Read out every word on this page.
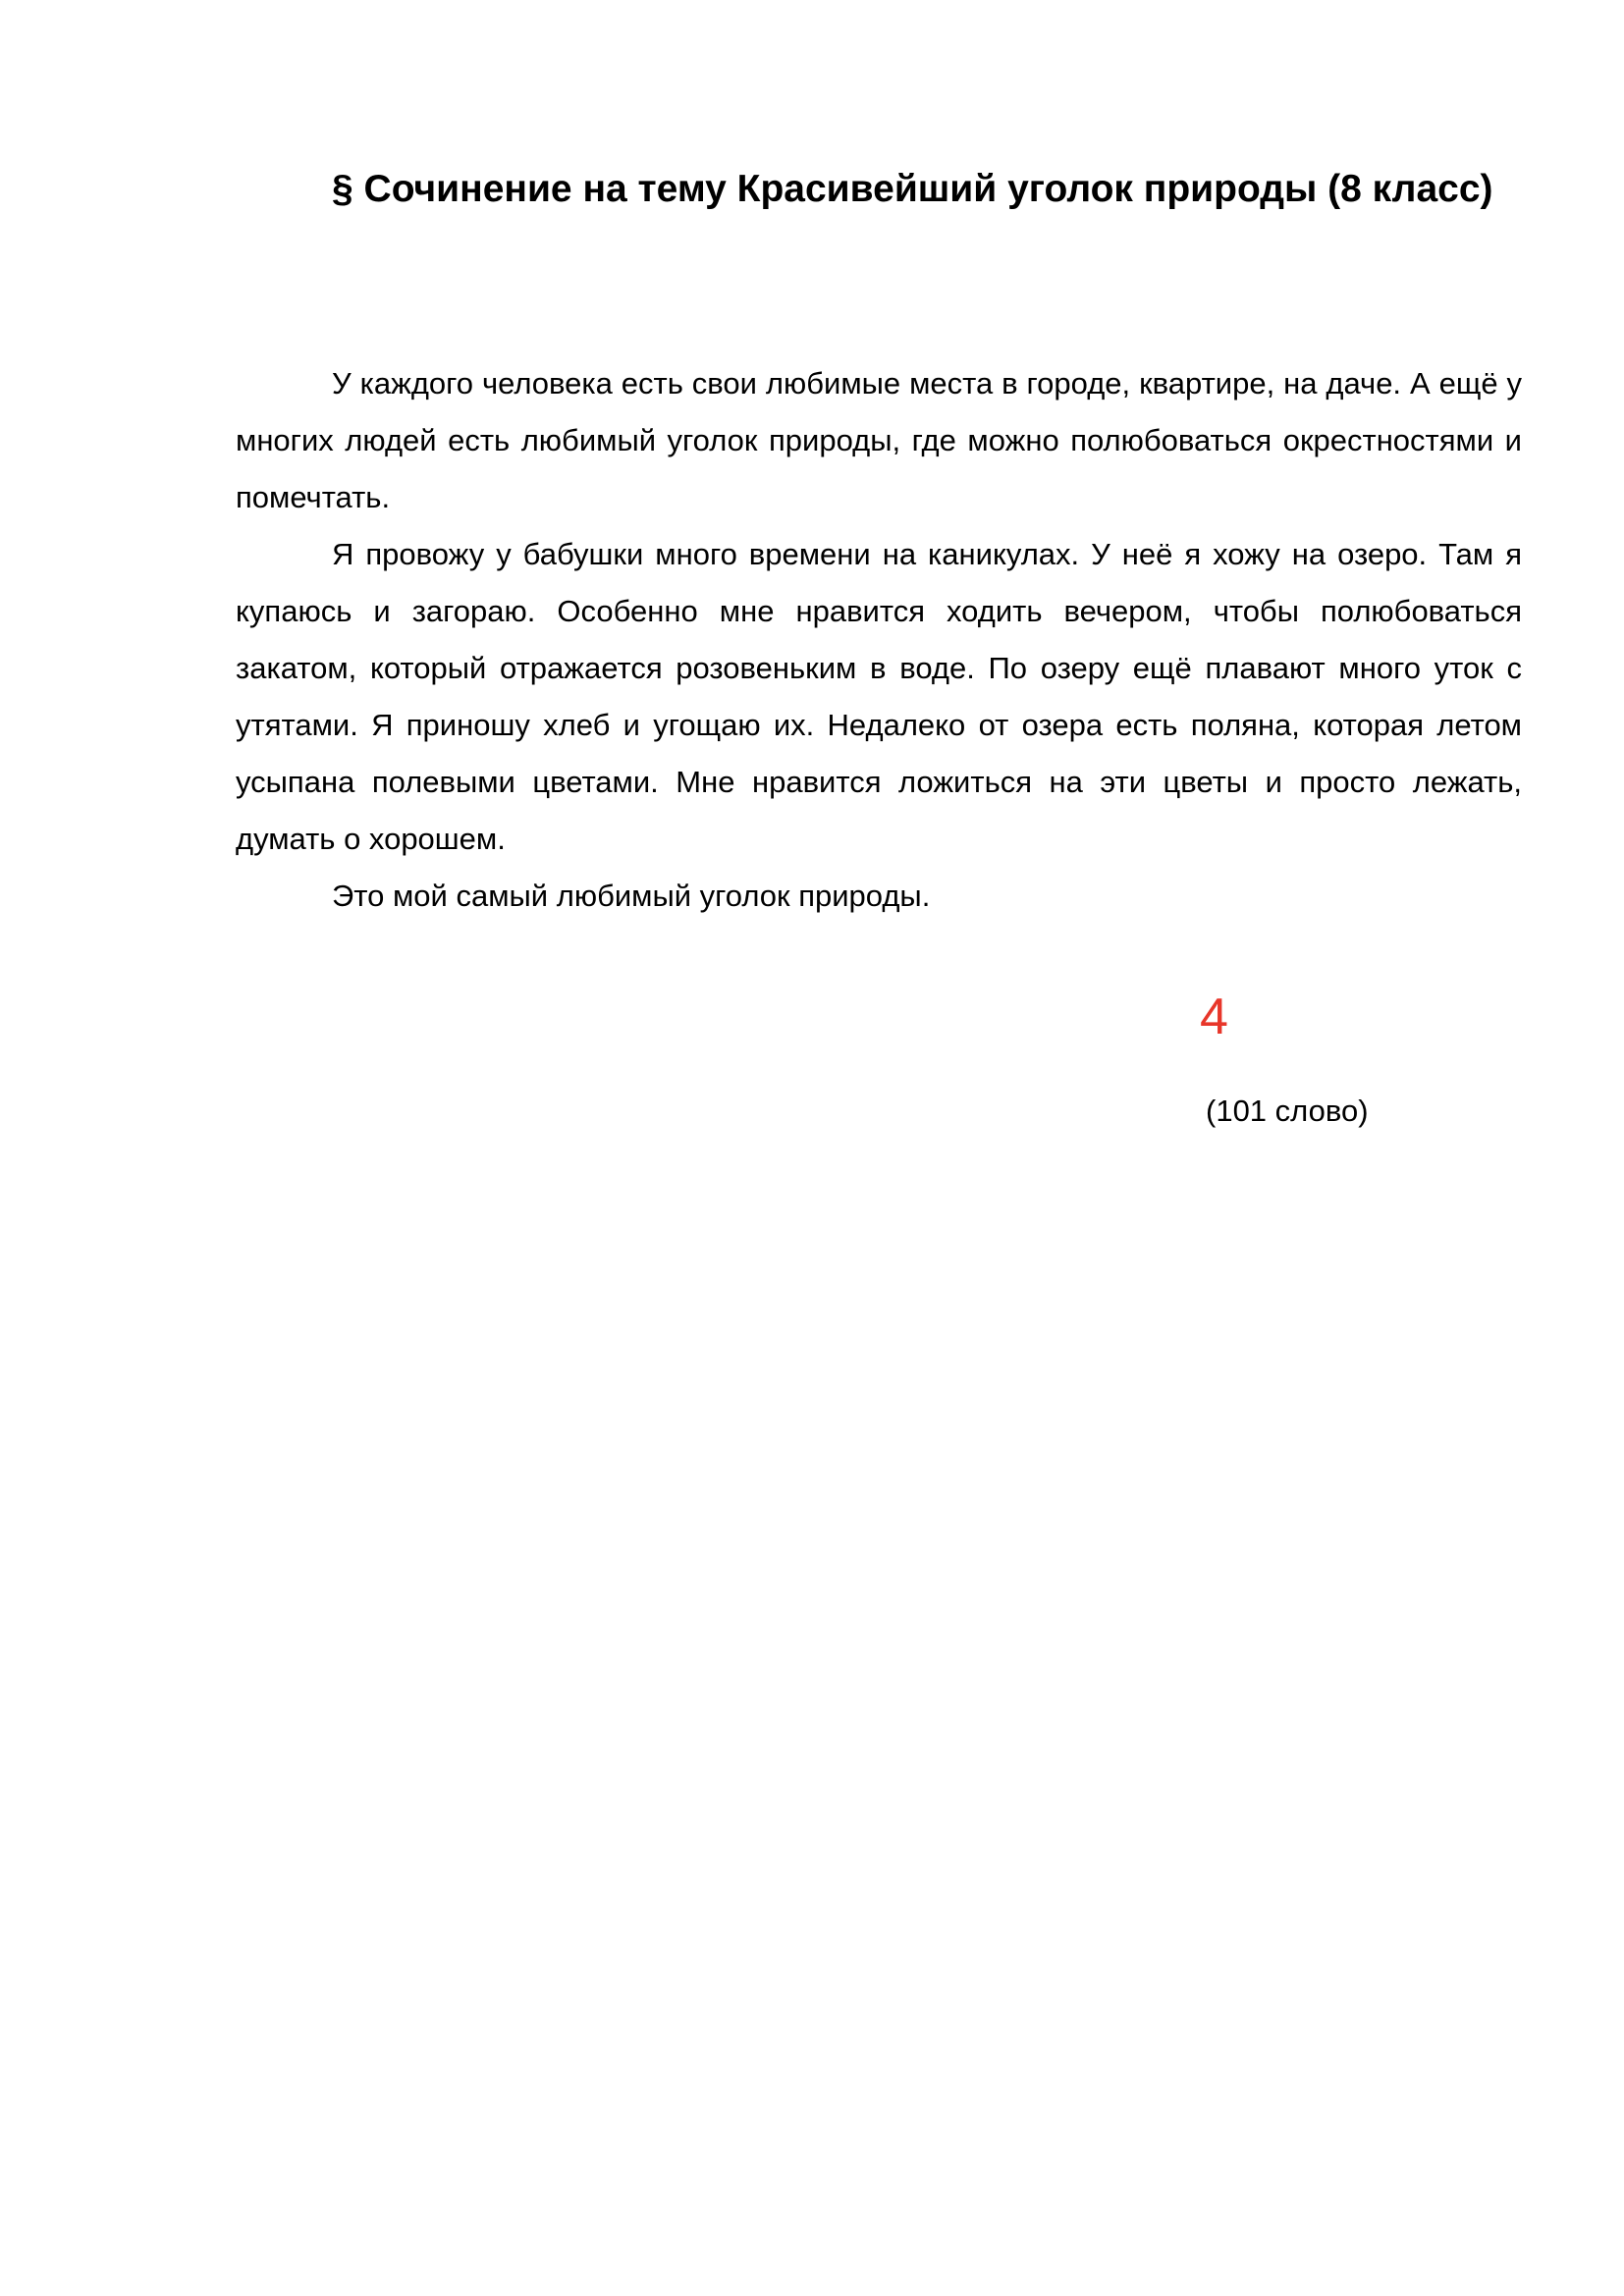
§ Сочинение на тему Красивейший уголок природы (8 класс)

У каждого человека есть свои любимые места в городе, квартире, на даче. А ещё у многих людей есть любимый уголок природы, где можно полюбоваться окрестностями и помечтать.

Я провожу у бабушки много времени на каникулах. У неё я хожу на озеро. Там я купаюсь и загораю. Особенно мне нравится ходить вечером, чтобы полюбоваться закатом, который отражается розовеньким в воде. По озеру ещё плавают много уток с утятами. Я приношу хлеб и угощаю их. Недалеко от озера есть поляна, которая летом усыпана полевыми цветами. Мне нравится ложиться на эти цветы и просто лежать, думать о хорошем.

Это мой самый любимый уголок природы.

4
(101 слово)
